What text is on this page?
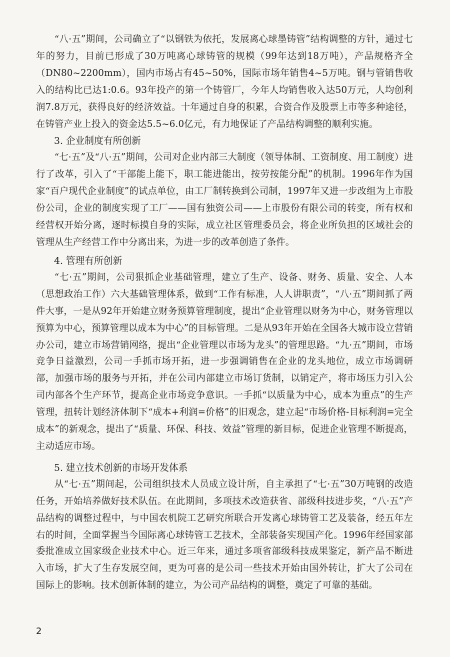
“八·五”期间，公司确立了“以钢铁为依托，发展离心球墨铸管”结构调整的方针，通过七年的努力，目前已形成了30万吨离心球铸管的规模（99年达到18万吨），产品规格齐全（DN80~2200mm），国内市场占有45~50%，国际市场年销售4~5万吨。钢与管销售收入的结构比已达1:0.6。93年投产的第一个铸管厂，今年人均销售收入达50万元，人均创利润7.8万元，获得良好的经济效益。十年通过自身的积累，合资合作及股票上市等多种途径，在铸管产业上投入的资金达5.5~6.0亿元，有力地保证了产品结构调整的顺利实施。

3. 企业制度有所创新

“七·五”及“八·五”期间，公司对企业内部三大制度（领导体制、工资制度、用工制度）进行了改革，引入了“干部能上能下，职工能进能出，按劳按能分配”的机制。1996年作为国家“百户现代企业制度”的试点单位，由工厂制转换到公司制，1997年又进一步改组为上市股份公司，企业的制度实现了工厂——国有独资公司——上市股份有限公司的转变，所有权和经营权开始分离，逐时标摸自身的实际，成立社区管理委员会，将企业所负担的区域社会的管理从生产经营工作中分离出来，为进一步的改革创造了条件。

4. 管理有所创新

“七·五”期间，公司狠抓企业基础管理，建立了生产、设备、财务、质量、安全、人本（思想政治工作）六大基础管理体系，做到“工作有标准，人人讲职责”，“八·五”期间抓了两件大事，一是从92年开始建立财务预算管理制度，提出“企业管理以财务为中心，财务管理以预算为中心，预算管理以成本为中心”的目标管理。二是从93年开始在全国各大城市设立营销办公司，建立市场营销网络，提出“企业管理以市场为龙头”的管理思路。“九·五”期间，市场竞争日益激烈，公司一手抓市场开拓，进一步强调销售在企业的龙头地位，成立市场调研部，加强市场的服务与开拓，并在公司内部建立市场订货制，以销定产，将市场压力引入公司内部各个生产环节，提高企业市场竞争意识。一手抓“以质量为中心，成本为重点”的生产管理，扭转计划经济体制下“成本+利润=价格”的旧观念，建立起“市场价格-目标利润=完全成本”的新观念，提出了“质量、环保、科技、效益”管理的新目标，促进企业管理不断提高，主动适应市场。

5. 建立技术创新的市场开发体系

从“七·五”期间起，公司组织技术人员成立设计所，自主承担了“七·五”30万吨钢的改造任务，开始培养做好技术队伍。在此期间，多项技术改造获省、部级科技进步奖，“八·五”产品结构的调整过程中，与中国农机院工艺研究所联合开发离心球铸管工艺及装备，经五年左右的时间，全面掌握当今国际离心球铸管工艺技术，全部装备实现国产化。1996年经国家部委批准成立国家级企业技术中心。近三年来，通过多项省部级科技成果鉴定，新产品不断进入市场，扩大了生存发展空间，更为可喜的是公司一些技术开始由国外转让，扩大了公司在国际上的影响。技术创新体制的建立，为公司产品结构的调整，奠定了可靠的基础。

2
